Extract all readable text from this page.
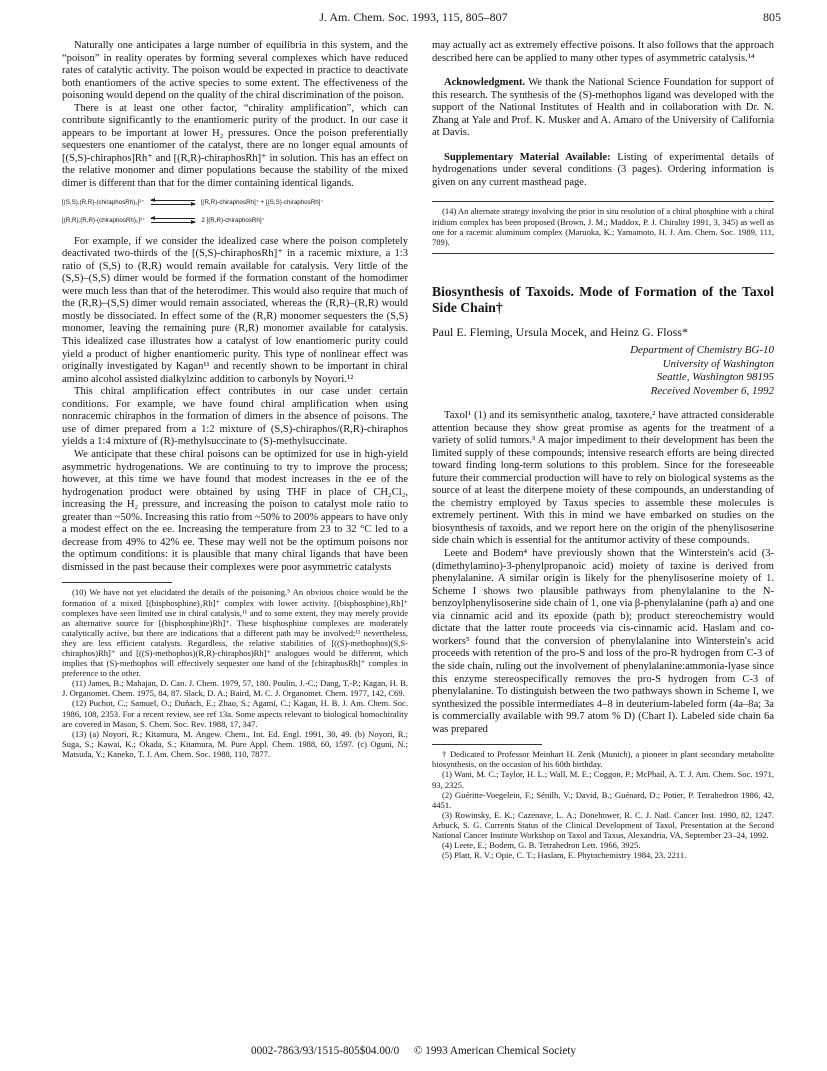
J. Am. Chem. Soc. 1993, 115, 805–807	805

Naturally one anticipates a large number of equilibria in this system, and the “poison” in reality operates by forming several complexes which have reduced rates of catalytic activity. The poison would be expected in practice to deactivate both enantiomers of the active species to some extent. The effectiveness of the poisoning would depend on the quality of the chiral discrimination of the poison.

There is at least one other factor, “chirality amplification”, which can contribute significantly to the enantiomeric purity of the product. In our case it appears to be important at lower H₂ pressures. Once the poison preferentially sequesters one enantiomer of the catalyst, there are no longer equal amounts of [(S,S)-chiraphos]Rh⁺ and [(R,R)-chiraphosRh]⁺ in solution. This has an effect on the relative monomer and dimer populations because the stability of the mixed dimer is different than that for the dimer containing identical ligands.

[(S,S),(R,R)-(chiraphosRh)₂]²⁺	[(R,R)-chiraphosRh]⁺ + [(S,S)-chiraphosRh]⁺
[(R,R),(R,R)-(chiraphosRh)₂]²⁺	2 [(R,R)-chiraphosRh]⁺

For example, if we consider the idealized case where the poison completely deactivated two-thirds of the [(S,S)-chiraphosRh]⁺ in a racemic mixture, a 1:3 ratio of (S,S) to (R,R) would remain available for catalysis. Very little of the (S,S)–(S,S) dimer would be formed if the formation constant of the homodimer were much less than that of the heterodimer. This would also require that much of the (R,R)–(S,S) dimer would remain associated, whereas the (R,R)–(R,R) would mostly be dissociated. In effect some of the (R,R) monomer sequesters the (S,S) monomer, leaving the remaining pure (R,R) monomer available for catalysis. This idealized case illustrates how a catalyst of low enantiomeric purity could yield a product of higher enantiomeric purity. This type of nonlinear effect was originally investigated by Kagan¹¹ and recently shown to be important in chiral amino alcohol assisted dialkylzinc addition to carbonyls by Noyori.¹²

This chiral amplification effect contributes in our case under certain conditions. For example, we have found chiral amplification when using nonracemic chiraphos in the formation of dimers in the absence of poisons. The use of dimer prepared from a 1:2 mixture of (S,S)-chiraphos/(R,R)-chiraphos yields a 1:4 mixture of (R)-methylsuccinate to (S)-methylsuccinate.

We anticipate that these chiral poisons can be optimized for use in high-yield asymmetric hydrogenations. We are continuing to try to improve the process; however, at this time we have found that modest increases in the ee of the hydrogenation product were obtained by using THF in place of CH₂Cl₂, increasing the H₂ pressure, and increasing the poison to catalyst mole ratio to greater than ~50%. Increasing this ratio from ~50% to 200% appears to have only a modest effect on the ee. Increasing the temperature from 23 to 32 °C led to a decrease from 49% to 42% ee. These may well not be the optimum poisons nor the optimum conditions: it is plausible that many chiral ligands that have been dismissed in the past because their complexes were poor asymmetric catalysts

(10) We have not yet elucidated the details of the poisoning.⁵ An obvious choice would be the formation of a mixed [(bisphosphine)₂Rh]⁺ complex with lower activity. [(bisphosphine)₂Rh]⁺ complexes have seen limited use in chiral catalysis,¹¹ and to some extent, they may merely provide an alternative source for [(bisphosphine)Rh]⁺. These bisphosphine complexes are moderately catalytically active, but there are indications that a different path may be involved;¹¹ nevertheless, they are less efficient catalysts. Regardless, the relative stabilities of [((S)-methophos)(S,S-chiraphos)Rh]⁺ and [((S)-methophos)(R,R)-chiraphos)Rh]⁺ analogues would be different, which implies that (S)-methophos will effectively sequester one hand of the [chiraphosRh]⁺ complex in preference to the other.

(11) James, B.; Mahajan, D. Can. J. Chem. 1979, 57, 180. Poulin, J.-C.; Dang, T.-P.; Kagan, H. B. J. Organomet. Chem. 1975, 84, 87. Slack, D. A.; Baird, M. C. J. Organomet. Chem. 1977, 142, C69.

(12) Puchot, C.; Samuel, O.; Duñach, E.; Zhao, S.; Agami, C.; Kagan, H. B. J. Am. Chem. Soc. 1986, 108, 2353. For a recent review, see ref 13a. Some aspects relevant to biological homochirality are covered in Mason, S. Chem. Soc. Rev. 1988, 17, 347.

(13) (a) Noyori, R.; Kitamura, M. Angew. Chem., Int. Ed. Engl. 1991, 30, 49. (b) Noyori, R.; Suga, S.; Kawai, K.; Okada, S.; Kitamura, M. Pure Appl. Chem. 1988, 60, 1597. (c) Oguni, N.; Matsuda, Y.; Kaneko, T. J. Am. Chem. Soc. 1988, 110, 7877.

may actually act as extremely effective poisons. It also follows that the approach described here can be applied to many other types of asymmetric catalysis.¹⁴

Acknowledgment. We thank the National Science Foundation for support of this research. The synthesis of the (S)-methophos ligand was developed with the support of the National Institutes of Health and in collaboration with Dr. N. Zhang at Yale and Prof. K. Musker and A. Amaro of the University of California at Davis.

Supplementary Material Available: Listing of experimental details of hydrogenations under several conditions (3 pages). Ordering information is given on any current masthead page.

(14) An alternate strategy involving the prior in situ resolution of a chiral phosphine with a chiral iridium complex has been proposed (Brown, J. M.; Maddox, P. J. Chirality 1991, 3, 345) as well as one for a racemic aluminum complex (Maruoka, K.; Yamamoto, H. J. Am. Chem. Soc. 1989, 111, 789).

Biosynthesis of Taxoids. Mode of Formation of the Taxol Side Chain†

Paul E. Fleming, Ursula Mocek, and Heinz G. Floss*
Department of Chemistry BG-10
University of Washington
Seattle, Washington 98195
Received November 6, 1992

Taxol¹ (1) and its semisynthetic analog, taxotere,² have attracted considerable attention because they show great promise as agents for the treatment of a variety of solid tumors.³ A major impediment to their development has been the limited supply of these compounds; intensive research efforts are being directed toward finding long-term solutions to this problem. Since for the foreseeable future their commercial production will have to rely on biological systems as the source of at least the diterpene moiety of these compounds, an understanding of the chemistry employed by Taxus species to assemble these molecules is extremely pertinent. With this in mind we have embarked on studies on the biosynthesis of taxoids, and we report here on the origin of the phenylisoserine side chain which is essential for the antitumor activity of these compounds.

Leete and Bodem⁴ have previously shown that the Winterstein's acid (3-(dimethylamino)-3-phenylpropanoic acid) moiety of taxine is derived from phenylalanine. A similar origin is likely for the phenylisoserine moiety of 1. Scheme I shows two plausible pathways from phenylalanine to the N-benzoylphenylisoserine side chain of 1, one via β-phenylalanine (path a) and one via cinnamic acid and its epoxide (path b); product stereochemistry would dictate that the latter route proceeds via cis-cinnamic acid. Haslam and co-workers⁵ found that the conversion of phenylalanine into Winterstein's acid proceeds with retention of the pro-S and loss of the pro-R hydrogen from C-3 of the side chain, ruling out the involvement of phenylalanine:ammonia-lyase since this enzyme stereospecifically removes the pro-S hydrogen from C-3 of phenylalanine. To distinguish between the two pathways shown in Scheme I, we synthesized the possible intermediates 4–8 in deuterium-labeled form (4a–8a; 3a is commercially available with 99.7 atom % D) (Chart I). Labeled side chain 6a was prepared

† Dedicated to Professor Meinhart H. Zenk (Munich), a pioneer in plant secondary metabolite biosynthesis, on the occasion of his 60th birthday.

(1) Wani, M. C.; Taylor, H. L.; Wall, M. E.; Coggon, P.; McPhail, A. T. J. Am. Chem. Soc. 1971, 93, 2325.

(2) Guéritte-Voegelein, F.; Sénilh, V.; David, B.; Guénard, D.; Potier, P. Tetrahedron 1986, 42, 4451.

(3) Rowinsky, E. K.; Cazenave, L. A.; Donehower, R. C. J. Natl. Cancer Inst. 1990, 82, 1247. Arbuck, S. G. Currents Status of the Clinical Development of Taxol, Presentation at the Second National Cancer Institute Workshop on Taxol and Taxus, Alexandria, VA, September 23–24, 1992.

(4) Leete, E.; Bodem, G. B. Tetrahedron Lett. 1966, 3925.

(5) Platt, R. V.; Opie, C. T.; Haslam, E. Phytochemistry 1984, 23, 2211.

0002-7863/93/1515-805$04.00/0 © 1993 American Chemical Society
